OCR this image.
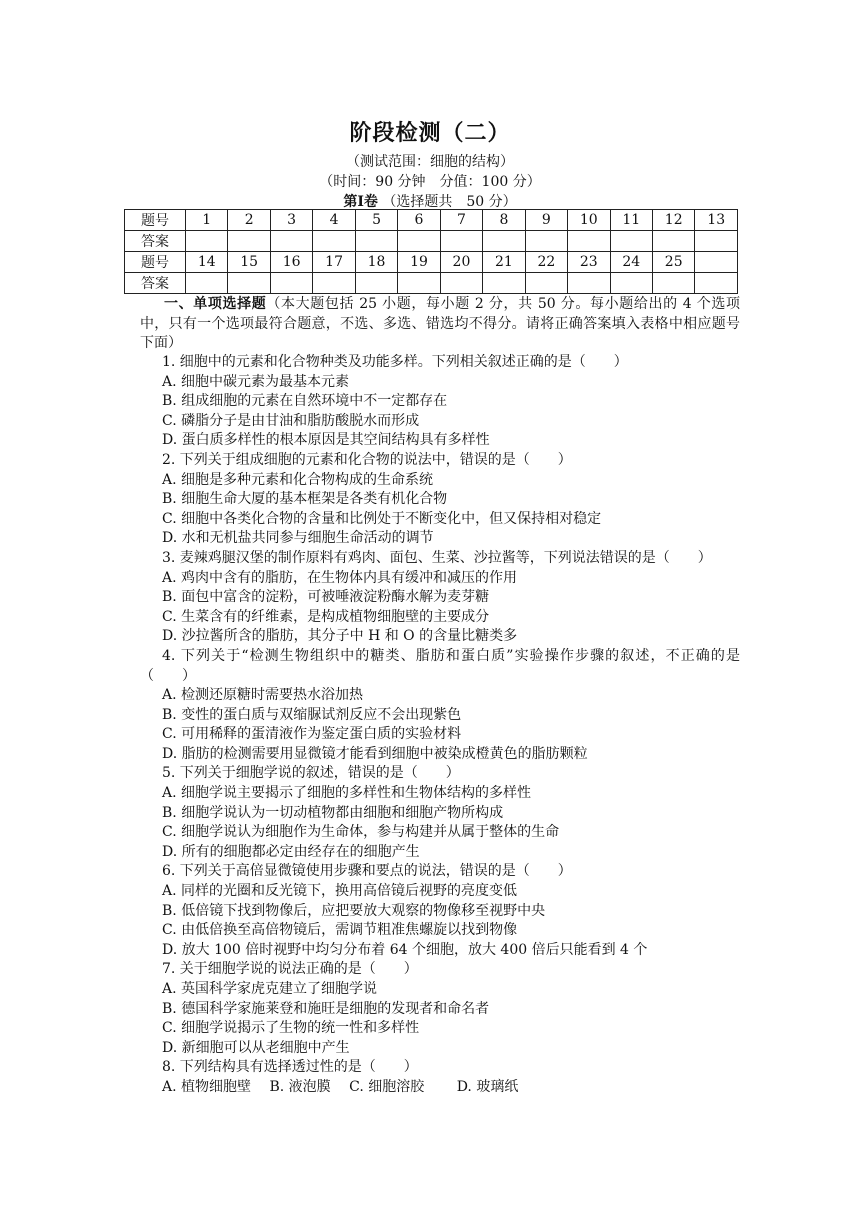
阶段检测（二）
（测试范围：细胞的结构）
（时间：90 分钟　分值：100 分）
第Ⅰ卷 （选择题共　50 分）
题号	1	2	3	4	5	6	7	8	9	10	11	12	13
答案													
题号	14	15	16	17	18	19	20	21	22	23	24	25	
答案													

一、单项选择题（本大题包括 25 小题，每小题 2 分，共 50 分。每小题给出的 4 个选项中，只有一个选项最符合题意，不选、多选、错选均不得分。请将正确答案填入表格中相应题号下面）

1. 细胞中的元素和化合物种类及功能多样。下列相关叙述正确的是（　　）

A. 细胞中碳元素为最基本元素

B. 组成细胞的元素在自然环境中不一定都存在

C. 磷脂分子是由甘油和脂肪酸脱水而形成

D. 蛋白质多样性的根本原因是其空间结构具有多样性

2. 下列关于组成细胞的元素和化合物的说法中，错误的是（　　）

A. 细胞是多种元素和化合物构成的生命系统

B. 细胞生命大厦的基本框架是各类有机化合物

C. 细胞中各类化合物的含量和比例处于不断变化中，但又保持相对稳定

D. 水和无机盐共同参与细胞生命活动的调节

3. 麦辣鸡腿汉堡的制作原料有鸡肉、面包、生菜、沙拉酱等，下列说法错误的是（　　）

A. 鸡肉中含有的脂肪，在生物体内具有缓冲和减压的作用

B. 面包中富含的淀粉，可被唾液淀粉酶水解为麦芽糖

C. 生菜含有的纤维素，是构成植物细胞壁的主要成分

D. 沙拉酱所含的脂肪，其分子中 H 和 O 的含量比糖类多

4. 下列关于“检测生物组织中的糖类、脂肪和蛋白质”实验操作步骤的叙述，不正确的是（　　）

A. 检测还原糖时需要热水浴加热

B. 变性的蛋白质与双缩脲试剂反应不会出现紫色

C. 可用稀释的蛋清液作为鉴定蛋白质的实验材料

D. 脂肪的检测需要用显微镜才能看到细胞中被染成橙黄色的脂肪颗粒

5. 下列关于细胞学说的叙述，错误的是（　　）

A. 细胞学说主要揭示了细胞的多样性和生物体结构的多样性

B. 细胞学说认为一切动植物都由细胞和细胞产物所构成

C. 细胞学说认为细胞作为生命体，参与构建并从属于整体的生命

D. 所有的细胞都必定由经存在的细胞产生

6. 下列关于高倍显微镜使用步骤和要点的说法，错误的是（　　）

A. 同样的光圈和反光镜下，换用高倍镜后视野的亮度变低

B. 低倍镜下找到物像后，应把要放大观察的物像移至视野中央

C. 由低倍换至高倍物镜后，需调节粗准焦螺旋以找到物像

D. 放大 100 倍时视野中均匀分布着 64 个细胞，放大 400 倍后只能看到 4 个

7. 关于细胞学说的说法正确的是（　　）

A. 英国科学家虎克建立了细胞学说

B. 德国科学家施莱登和施旺是细胞的发现者和命名者

C. 细胞学说揭示了生物的统一性和多样性

D. 新细胞可以从老细胞中产生

8. 下列结构具有选择透过性的是（　　）

A. 植物细胞壁  B. 液泡膜  C. 细胞溶胶   D. 玻璃纸
